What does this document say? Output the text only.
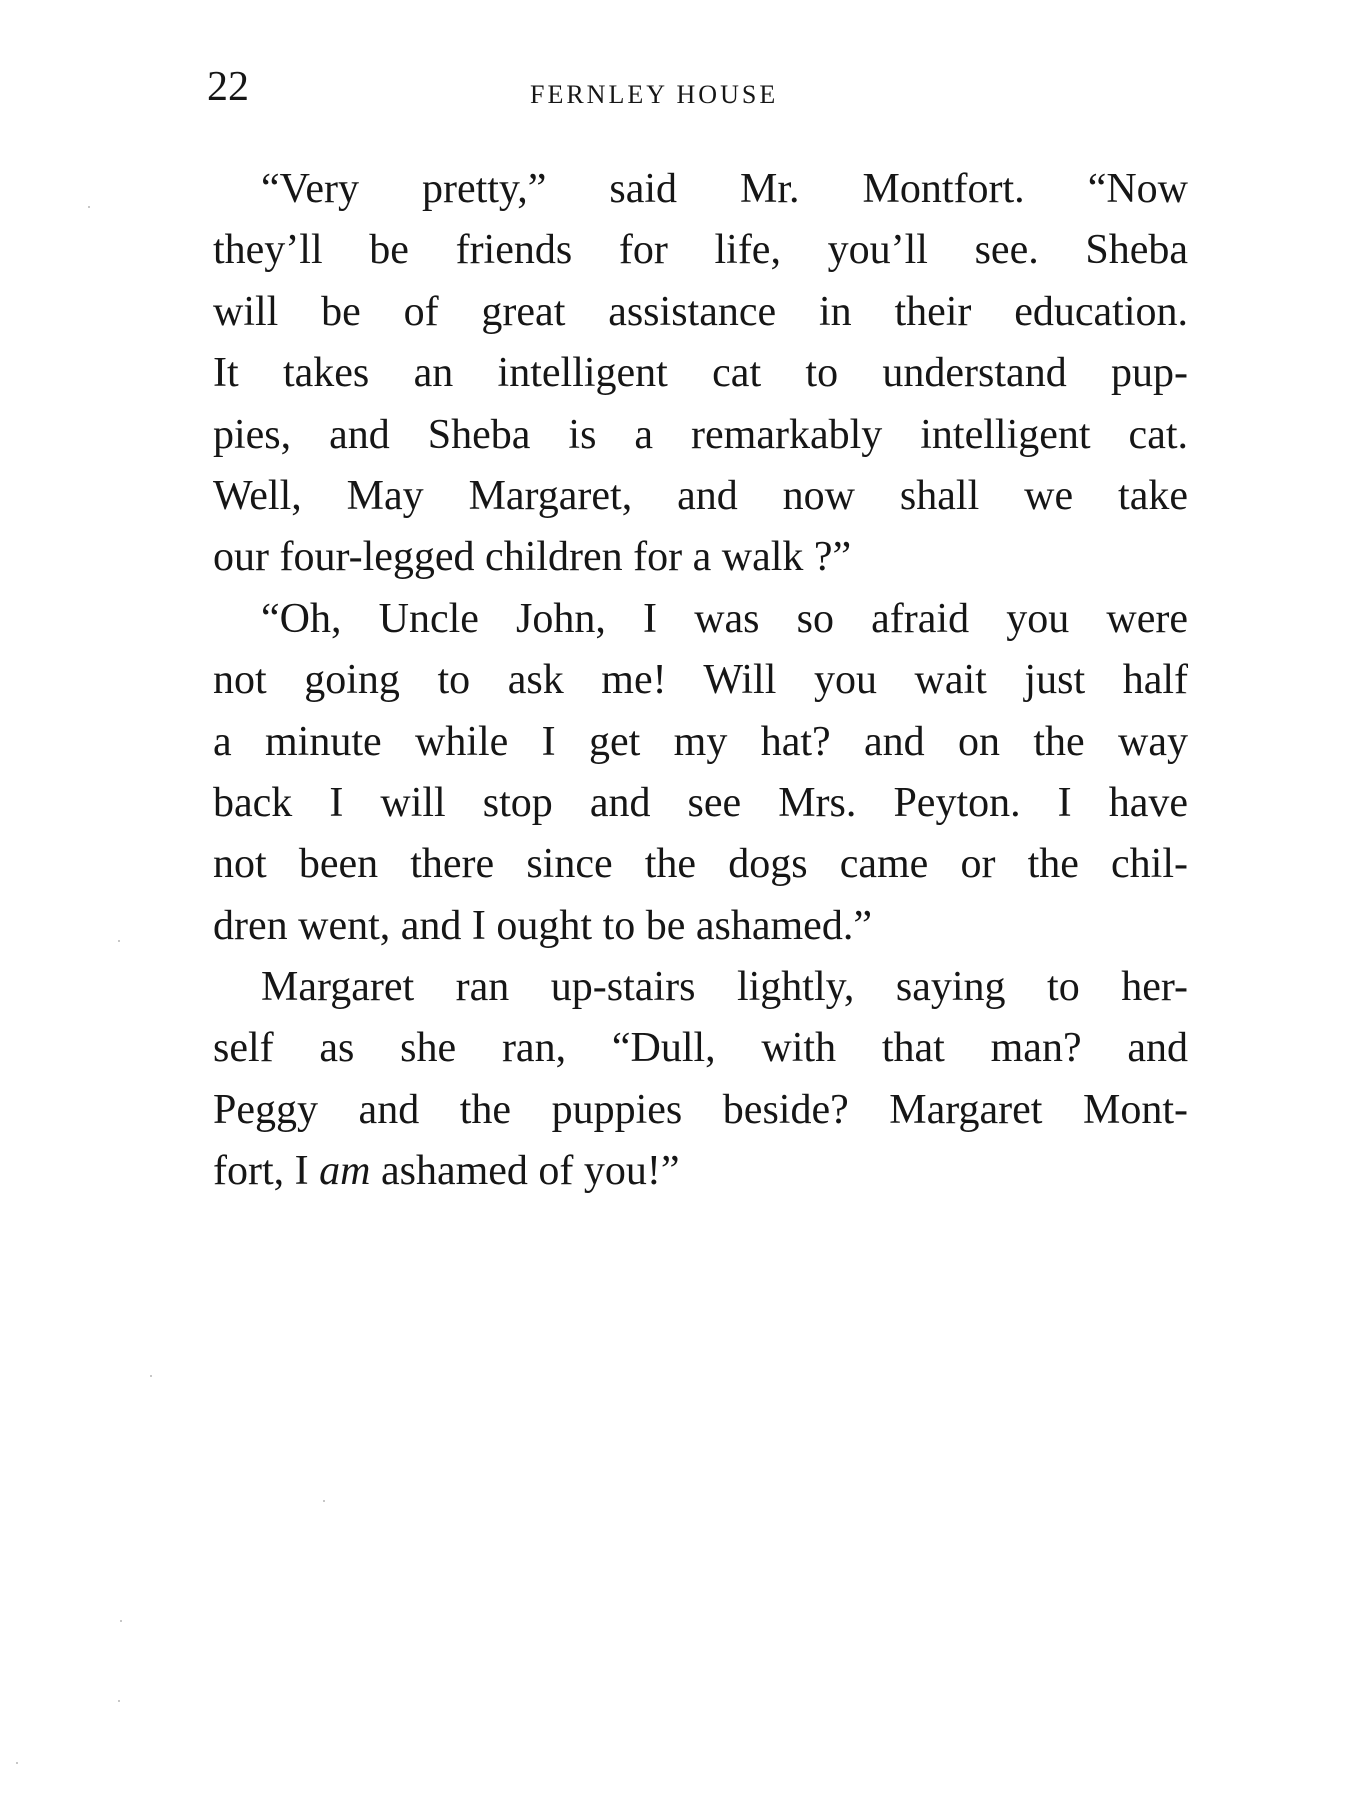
22	FERNLEY HOUSE
“Very pretty,” said Mr. Montfort. “Now
they’ll be friends for life, you’ll see. Sheba
will be of great assistance in their education.
It takes an intelligent cat to understand pup-
pies, and Sheba is a remarkably intelligent cat.
Well, May Margaret, and now shall we take
our four-legged children for a walk ?”
“Oh, Uncle John, I was so afraid you were
not going to ask me! Will you wait just half
a minute while I get my hat? and on the way
back I will stop and see Mrs. Peyton. I have
not been there since the dogs came or the chil-
dren went, and I ought to be ashamed.”
Margaret ran up-stairs lightly, saying to her-
self as she ran, “Dull, with that man? and
Peggy and the puppies beside? Margaret Mont-
fort, I am ashamed of you!”
